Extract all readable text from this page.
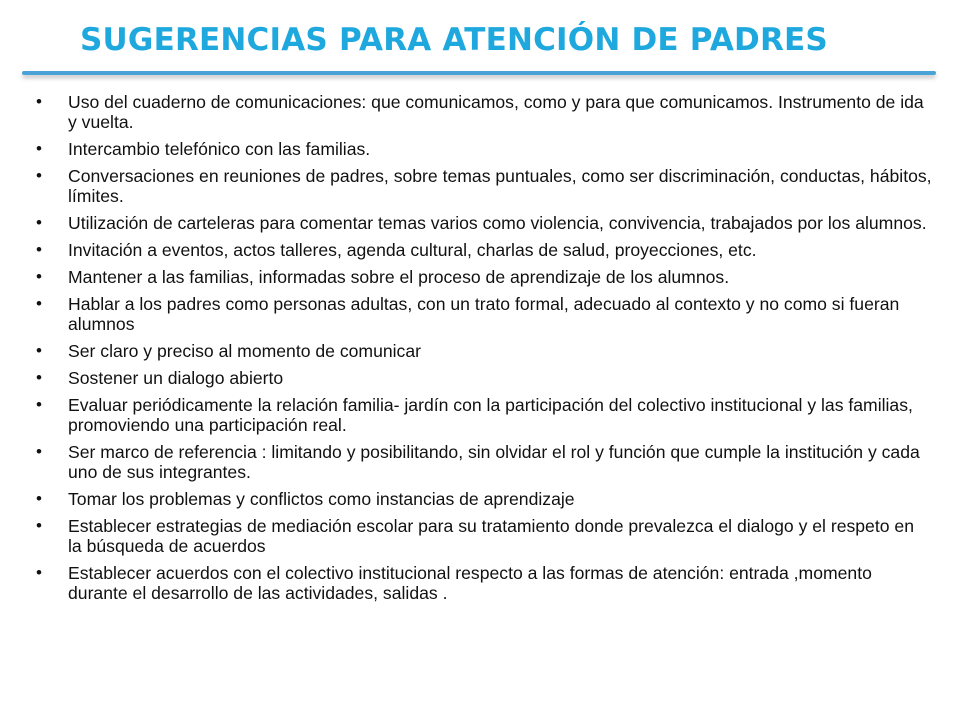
SUGERENCIAS PARA ATENCIÓN DE PADRES
• Uso del cuaderno de comunicaciones: que comunicamos, como y para que comunicamos. Instrumento de ida y vuelta.
• Intercambio telefónico con las familias.
• Conversaciones en reuniones de padres, sobre temas puntuales, como ser discriminación, conductas, hábitos, límites.
• Utilización de carteleras para comentar temas varios como violencia, convivencia, trabajados por los alumnos.
• Invitación a eventos, actos talleres, agenda cultural, charlas de salud, proyecciones, etc.
• Mantener a las familias, informadas sobre el proceso de aprendizaje de los alumnos.
• Hablar a los padres como personas adultas, con un trato formal, adecuado al contexto y no como si fueran alumnos
• Ser claro y preciso al momento de comunicar
• Sostener un dialogo abierto
• Evaluar periódicamente la relación familia- jardín con la participación del colectivo institucional y las familias, promoviendo una participación real.
• Ser marco de referencia : limitando y posibilitando, sin olvidar el rol y función que cumple la institución y cada uno de sus integrantes.
• Tomar los problemas y conflictos como instancias de aprendizaje
• Establecer estrategias de mediación escolar para su tratamiento donde prevalezca el dialogo y el respeto en la búsqueda de acuerdos
• Establecer acuerdos con el colectivo institucional respecto a las formas de atención: entrada ,momento durante el desarrollo de las actividades, salidas .
